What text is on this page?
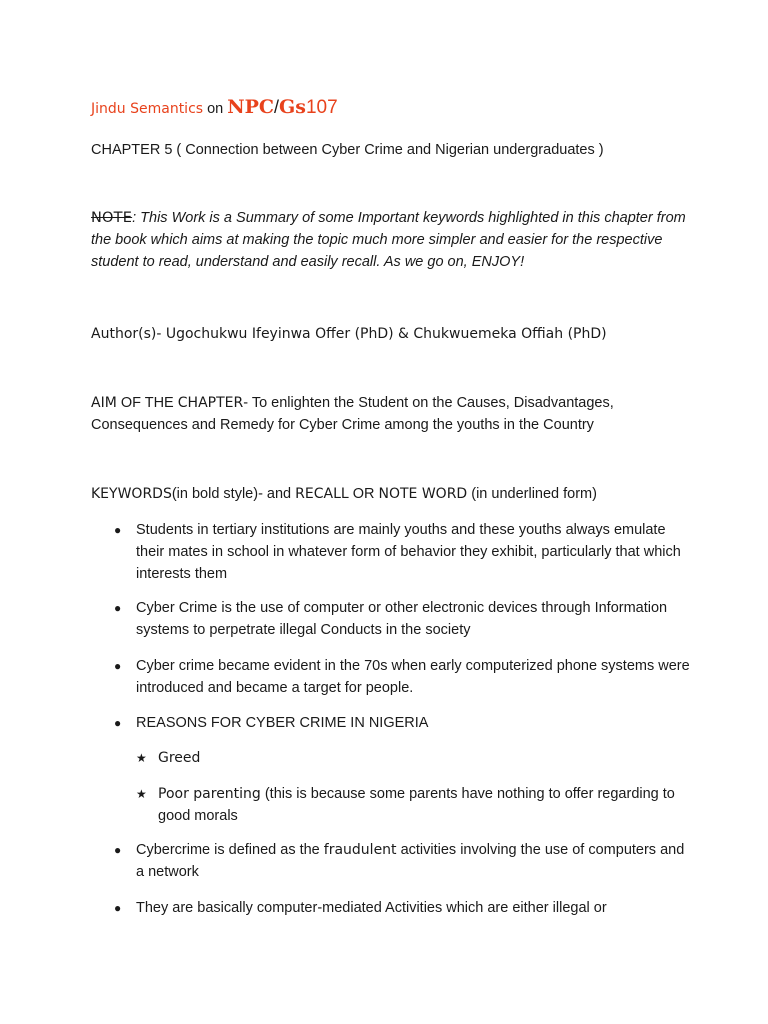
Jindu Semantics on NPC/Gs107
CHAPTER 5 ( Connection between Cyber Crime and Nigerian undergraduates )
NOTE: This Work is a Summary of some Important keywords highlighted in this chapter from the book which aims at making the topic much more simpler and easier for the respective student to read, understand and easily recall. As we go on, ENJOY!
Author(s)- Ugochukwu Ifeyinwa Offer (PhD) & Chukwuemeka Offiah (PhD)
AIM OF THE CHAPTER- To enlighten the Student on the Causes, Disadvantages, Consequences and Remedy for Cyber Crime among the youths in the Country
KEYWORDS(in bold style)- and RECALL OR NOTE WORD (in underlined form)
● Students in tertiary institutions are mainly youths and these youths always emulate their mates in school in whatever form of behavior they exhibit, particularly that which interests them
● Cyber Crime is the use of computer or other electronic devices through Information systems to perpetrate illegal Conducts in the society
● Cyber crime became evident in the 70s when early computerized phone systems were introduced and became a target for people.
● REASONS FOR CYBER CRIME IN NIGERIA
★ Greed
★ Poor parenting (this is because some parents have nothing to offer regarding to good morals
● Cybercrime is defined as the fraudulent activities involving the use of computers and a network
● They are basically computer-mediated Activities which are either illegal or
